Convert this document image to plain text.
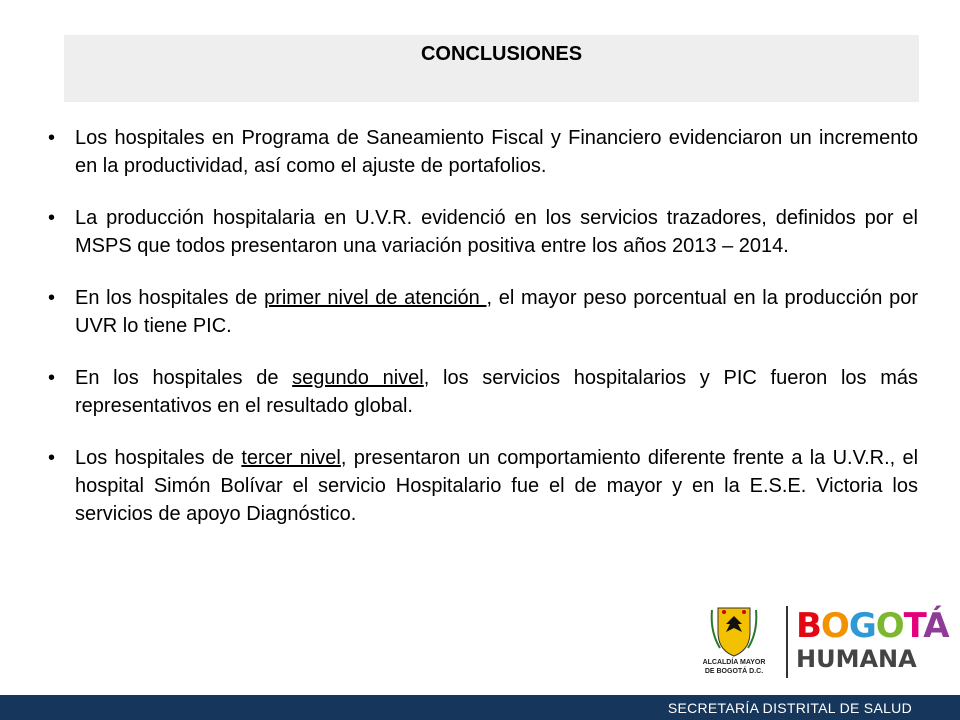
CONCLUSIONES
• Los hospitales en Programa de Saneamiento Fiscal y Financiero evidenciaron un incremento en la productividad, así como el ajuste de portafolios.
• La producción hospitalaria en U.V.R. evidenció en los servicios trazadores, definidos por el MSPS que todos presentaron una variación positiva entre los años 2013 – 2014.
• En los hospitales de primer nivel de atención , el mayor peso porcentual en la producción por UVR lo tiene PIC.
• En los hospitales de segundo nivel, los servicios hospitalarios y PIC fueron los más representativos en el resultado global.
• Los hospitales de tercer nivel, presentaron un comportamiento diferente frente a la U.V.R., el hospital Simón Bolívar el servicio Hospitalario fue el de mayor y en la E.S.E. Victoria los servicios de apoyo Diagnóstico.
ALCALDÍA MAYOR
DE BOGOTÁ D.C.
BOGOTÁ
HUMANA
SECRETARÍA DISTRITAL DE SALUD
